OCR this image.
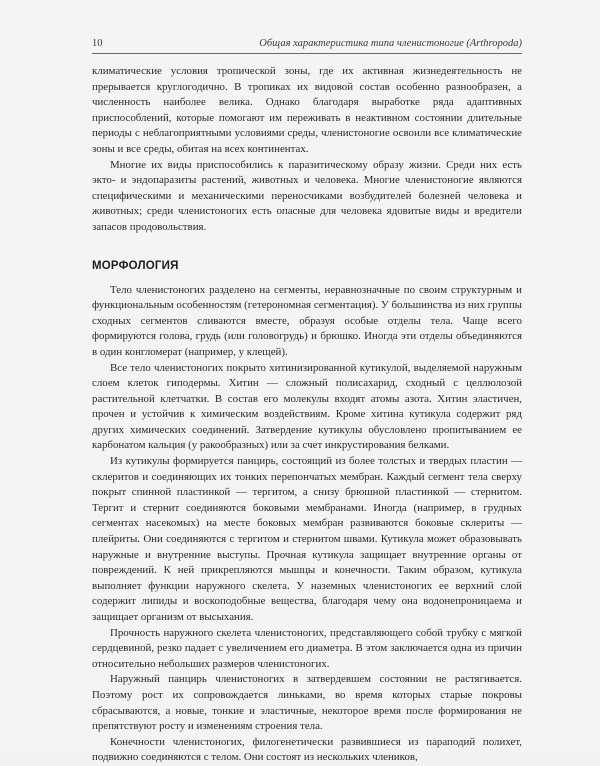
10	Общая характеристика типа членистоногие (Arthropoda)

климатические условия тропической зоны, где их активная жизнедеятельность не прерывается круглогодично. В тропиках их видовой состав особенно разнообразен, а численность наиболее велика. Однако благодаря выработке ряда адаптивных приспособлений, которые помогают им переживать в неактивном состоянии длительные периоды с неблагоприятными условиями среды, членистоногие освоили все климатические зоны и все среды, обитая на всех континентах.

Многие их виды приспособились к паразитическому образу жизни. Среди них есть экто- и эндопаразиты растений, животных и человека. Многие членистоногие являются специфическими и механическими переносчиками возбудителей болезней человека и животных; среди членистоногих есть опасные для человека ядовитые виды и вредители запасов продовольствия.

МОРФОЛОГИЯ

Тело членистоногих разделено на сегменты, неравнозначные по своим структурным и функциональным особенностям (гетерономная сегментация). У большинства из них группы сходных сегментов сливаются вместе, образуя особые отделы тела. Чаще всего формируются голова, грудь (или головогрудь) и брюшко. Иногда эти отделы объединяются в один конгломерат (например, у клещей).

Все тело членистоногих покрыто хитинизированной кутикулой, выделяемой наружным слоем клеток гиподермы. Хитин — сложный полисахарид, сходный с целлюлозой растительной клетчатки. В состав его молекулы входят атомы азота. Хитин эластичен, прочен и устойчив к химическим воздействиям. Кроме хитина кутикула содержит ряд других химических соединений. Затвердение кутикулы обусловлено пропитыванием ее карбонатом кальция (у ракообразных) или за счет инкрустирования белками.

Из кутикулы формируется панцирь, состоящий из более толстых и твердых пластин — склеритов и соединяющих их тонких перепончатых мембран. Каждый сегмент тела сверху покрыт спинной пластинкой — тергитом, а снизу брюшной пластинкой — стернитом. Тергит и стернит соединяются боковыми мембранами. Иногда (например, в грудных сегментах насекомых) на месте боковых мембран развиваются боковые склериты — плейриты. Они соединяются с тергитом и стернитом швами. Кутикула может образовывать наружные и внутренние выступы. Прочная кутикула защищает внутренние органы от повреждений. К ней прикрепляются мышцы и конечности. Таким образом, кутикула выполняет функции наружного скелета. У наземных членистоногих ее верхний слой содержит липиды и воскоподобные вещества, благодаря чему она водонепроницаема и защищает организм от высыхания.

Прочность наружного скелета членистоногих, представляющего собой трубку с мягкой сердцевиной, резко падает с увеличением его диаметра. В этом заключается одна из причин относительно небольших размеров членистоногих.

Наружный панцирь членистоногих в затвердевшем состоянии не растягивается. Поэтому рост их сопровождается линьками, во время которых старые покровы сбрасываются, а новые, тонкие и эластичные, некоторое время после формирования не препятствуют росту и изменениям строения тела.

Конечности членистоногих, филогенетически развившиеся из параподий полихет, подвижно соединяются с телом. Они состоят из нескольких члеников,
